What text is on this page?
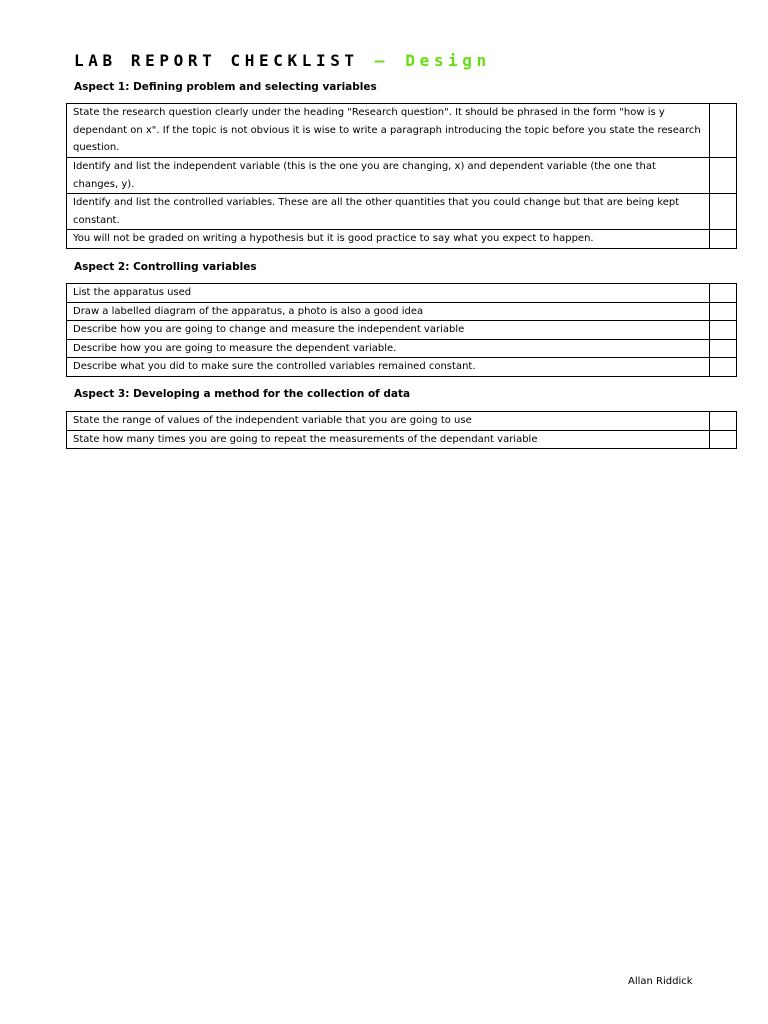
LAB REPORT CHECKLIST – Design
Aspect 1: Defining problem and selecting variables
State the research question clearly under the heading "Research question". It should be phrased in the form "how is y dependant on x". If the topic is not obvious it is wise to write a paragraph introducing the topic before you state the research question.	
Identify and list the independent variable (this is the one you are changing, x) and dependent variable (the one that changes, y).	
Identify and list the controlled variables. These are all the other quantities that you could change but that are being kept constant.	
You will not be graded on writing a hypothesis but it is good practice to say what you expect to happen.	
Aspect 2: Controlling variables
List the apparatus used	
Draw a labelled diagram of the apparatus, a photo is also a good idea	
Describe how you are going to change and measure the independent variable	
Describe how you are going to measure the dependent variable.	
Describe what you did to make sure the controlled variables remained constant.	
Aspect 3: Developing a method for the collection of data
State the range of values of the independent variable that you are going to use	
State how many times you are going to repeat the measurements of the dependant variable	
Allan Riddick
